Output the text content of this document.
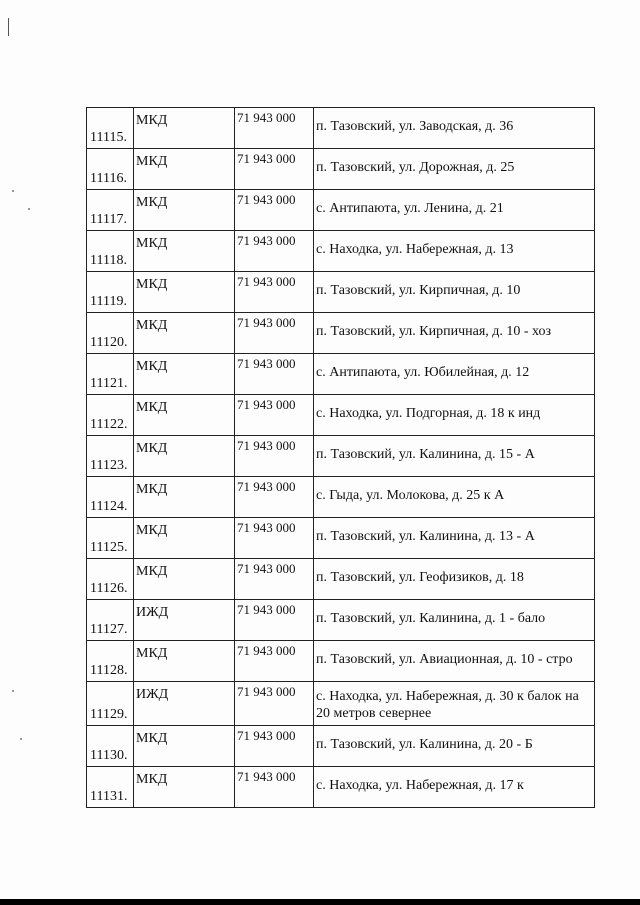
11115.	МКД	71 943 000	п. Тазовский, ул. Заводская, д. 36

11116.	МКД	71 943 000	п. Тазовский, ул. Дорожная, д. 25

11117.	МКД	71 943 000	с. Антипаюта, ул. Ленина, д. 21

11118.	МКД	71 943 000	с. Находка, ул. Набережная, д. 13

11119.	МКД	71 943 000	п. Тазовский, ул. Кирпичная, д. 10

11120.	МКД	71 943 000	п. Тазовский, ул. Кирпичная, д. 10 - хоз

11121.	МКД	71 943 000	с. Антипаюта, ул. Юбилейная, д. 12

11122.	МКД	71 943 000	с. Находка, ул. Подгорная, д. 18 к инд

11123.	МКД	71 943 000	п. Тазовский, ул. Калинина, д. 15 - А

11124.	МКД	71 943 000	с. Гыда, ул. Молокова, д. 25 к А

11125.	МКД	71 943 000	п. Тазовский, ул. Калинина, д. 13 - А

11126.	МКД	71 943 000	п. Тазовский, ул. Геофизиков, д. 18

11127.	ИЖД	71 943 000	п. Тазовский, ул. Калинина, д. 1 - бало

11128.	МКД	71 943 000	п. Тазовский, ул. Авиационная, д. 10 - стро

11129.	ИЖД	71 943 000	с. Находка, ул. Набережная, д. 30 к балок на 20 метров севернее

11130.	МКД	71 943 000	п. Тазовский, ул. Калинина, д. 20 - Б

11131.	МКД	71 943 000	с. Находка, ул. Набережная, д. 17 к
